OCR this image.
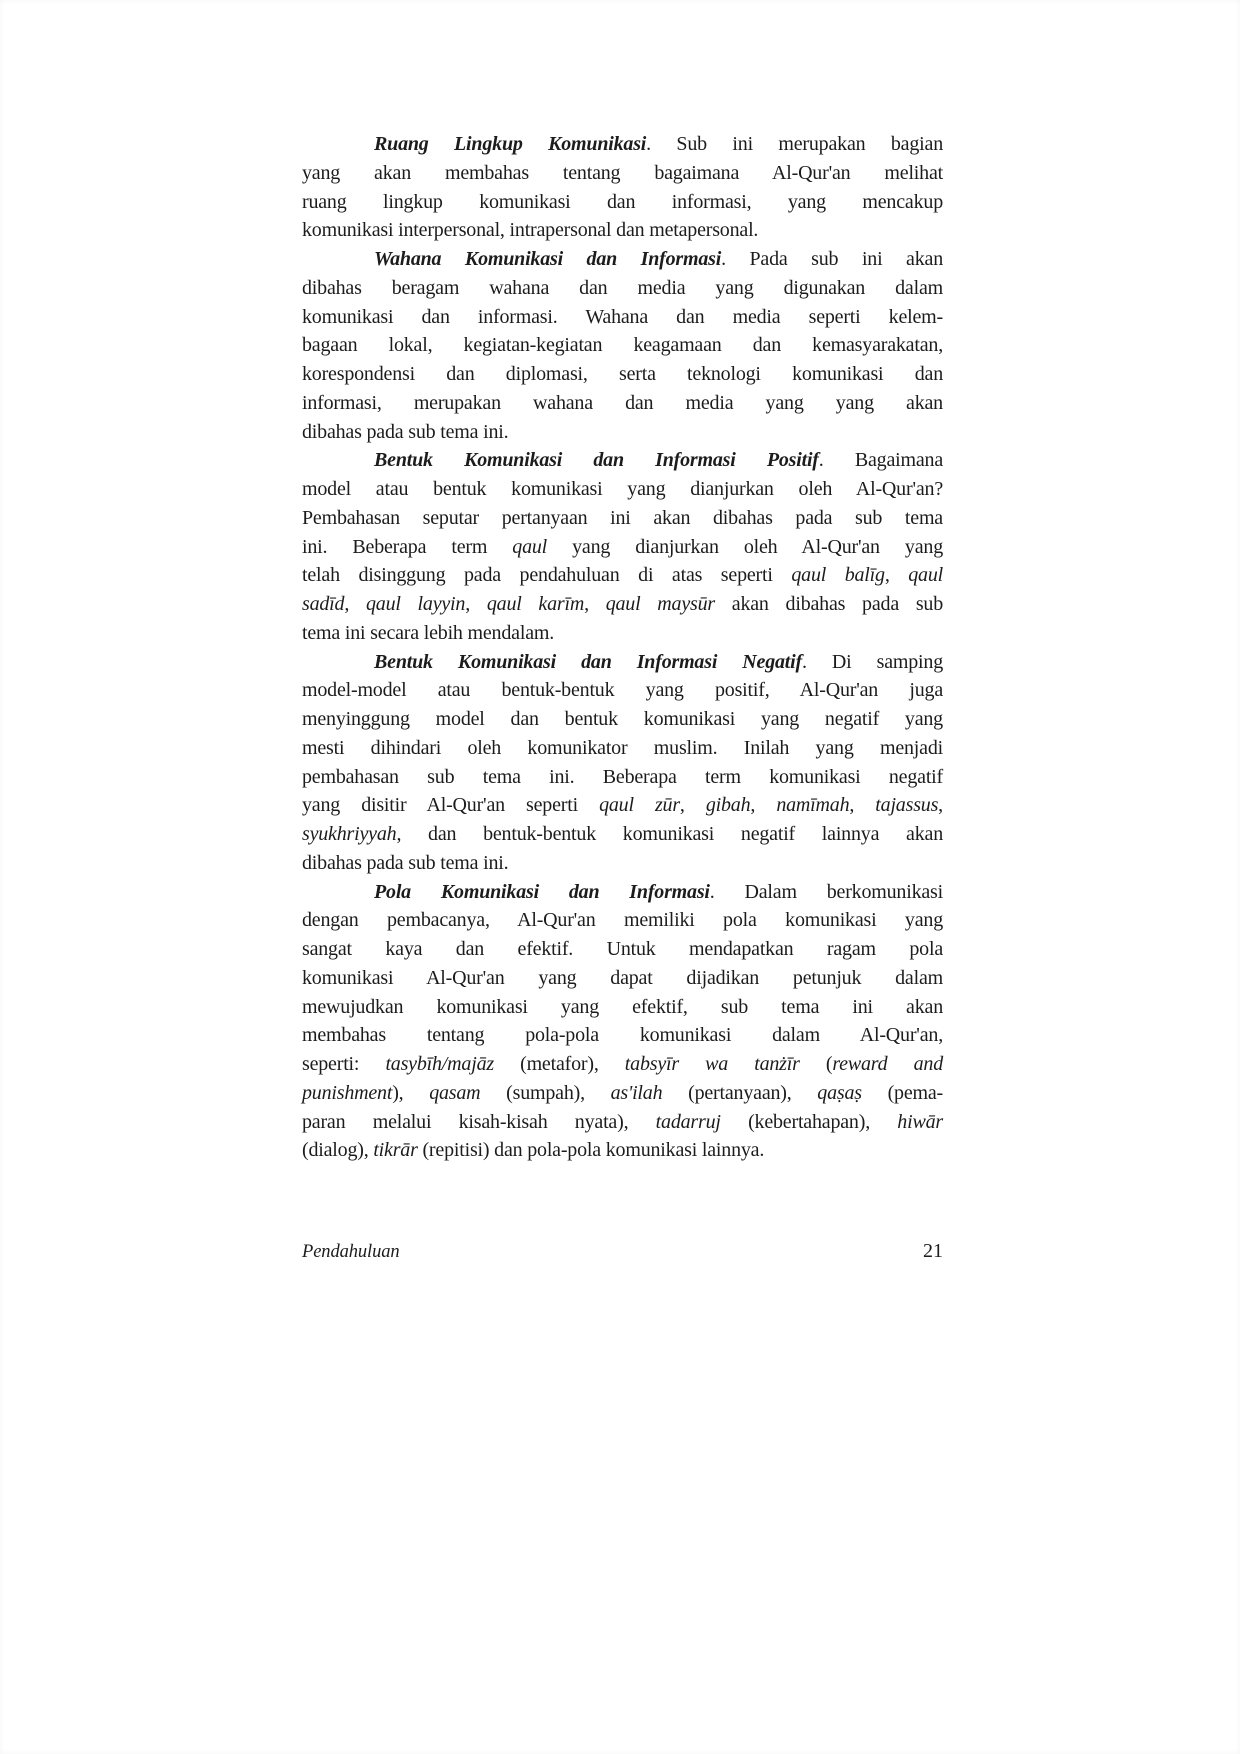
Ruang Lingkup Komunikasi. Sub ini merupakan bagian
yang akan membahas tentang bagaimana Al-Qur'an melihat
ruang lingkup komunikasi dan informasi, yang mencakup
komunikasi interpersonal, intrapersonal dan metapersonal.
Wahana Komunikasi dan Informasi. Pada sub ini akan
dibahas beragam wahana dan media yang digunakan dalam
komunikasi dan informasi. Wahana dan media seperti kelem-
bagaan lokal, kegiatan-kegiatan keagamaan dan kemasyarakatan,
korespondensi dan diplomasi, serta teknologi komunikasi dan
informasi, merupakan wahana dan media yang yang akan
dibahas pada sub tema ini.
Bentuk Komunikasi dan Informasi Positif. Bagaimana
model atau bentuk komunikasi yang dianjurkan oleh Al-Qur'an?
Pembahasan seputar pertanyaan ini akan dibahas pada sub tema
ini. Beberapa term qaul yang dianjurkan oleh Al-Qur'an yang
telah disinggung pada pendahuluan di atas seperti qaul balīg, qaul
sadīd, qaul layyin, qaul karīm, qaul maysūr akan dibahas pada sub
tema ini secara lebih mendalam.
Bentuk Komunikasi dan Informasi Negatif. Di samping
model-model atau bentuk-bentuk yang positif, Al-Qur'an juga
menyinggung model dan bentuk komunikasi yang negatif yang
mesti dihindari oleh komunikator muslim. Inilah yang menjadi
pembahasan sub tema ini. Beberapa term komunikasi negatif
yang disitir Al-Qur'an seperti qaul zūr, gibah, namīmah, tajassus,
syukhriyyah, dan bentuk-bentuk komunikasi negatif lainnya akan
dibahas pada sub tema ini.
Pola Komunikasi dan Informasi. Dalam berkomunikasi
dengan pembacanya, Al-Qur'an memiliki pola komunikasi yang
sangat kaya dan efektif. Untuk mendapatkan ragam pola
komunikasi Al-Qur'an yang dapat dijadikan petunjuk dalam
mewujudkan komunikasi yang efektif, sub tema ini akan
membahas tentang pola-pola komunikasi dalam Al-Qur'an,
seperti: tasybīh/majāz (metafor), tabsyīr wa tanżīr (reward and
punishment), qasam (sumpah), as'ilah (pertanyaan), qaṣaṣ (pema-
paran melalui kisah-kisah nyata), tadarruj (kebertahapan), hiwār
(dialog), tikrār (repitisi) dan pola-pola komunikasi lainnya.
Pendahuluan	21
